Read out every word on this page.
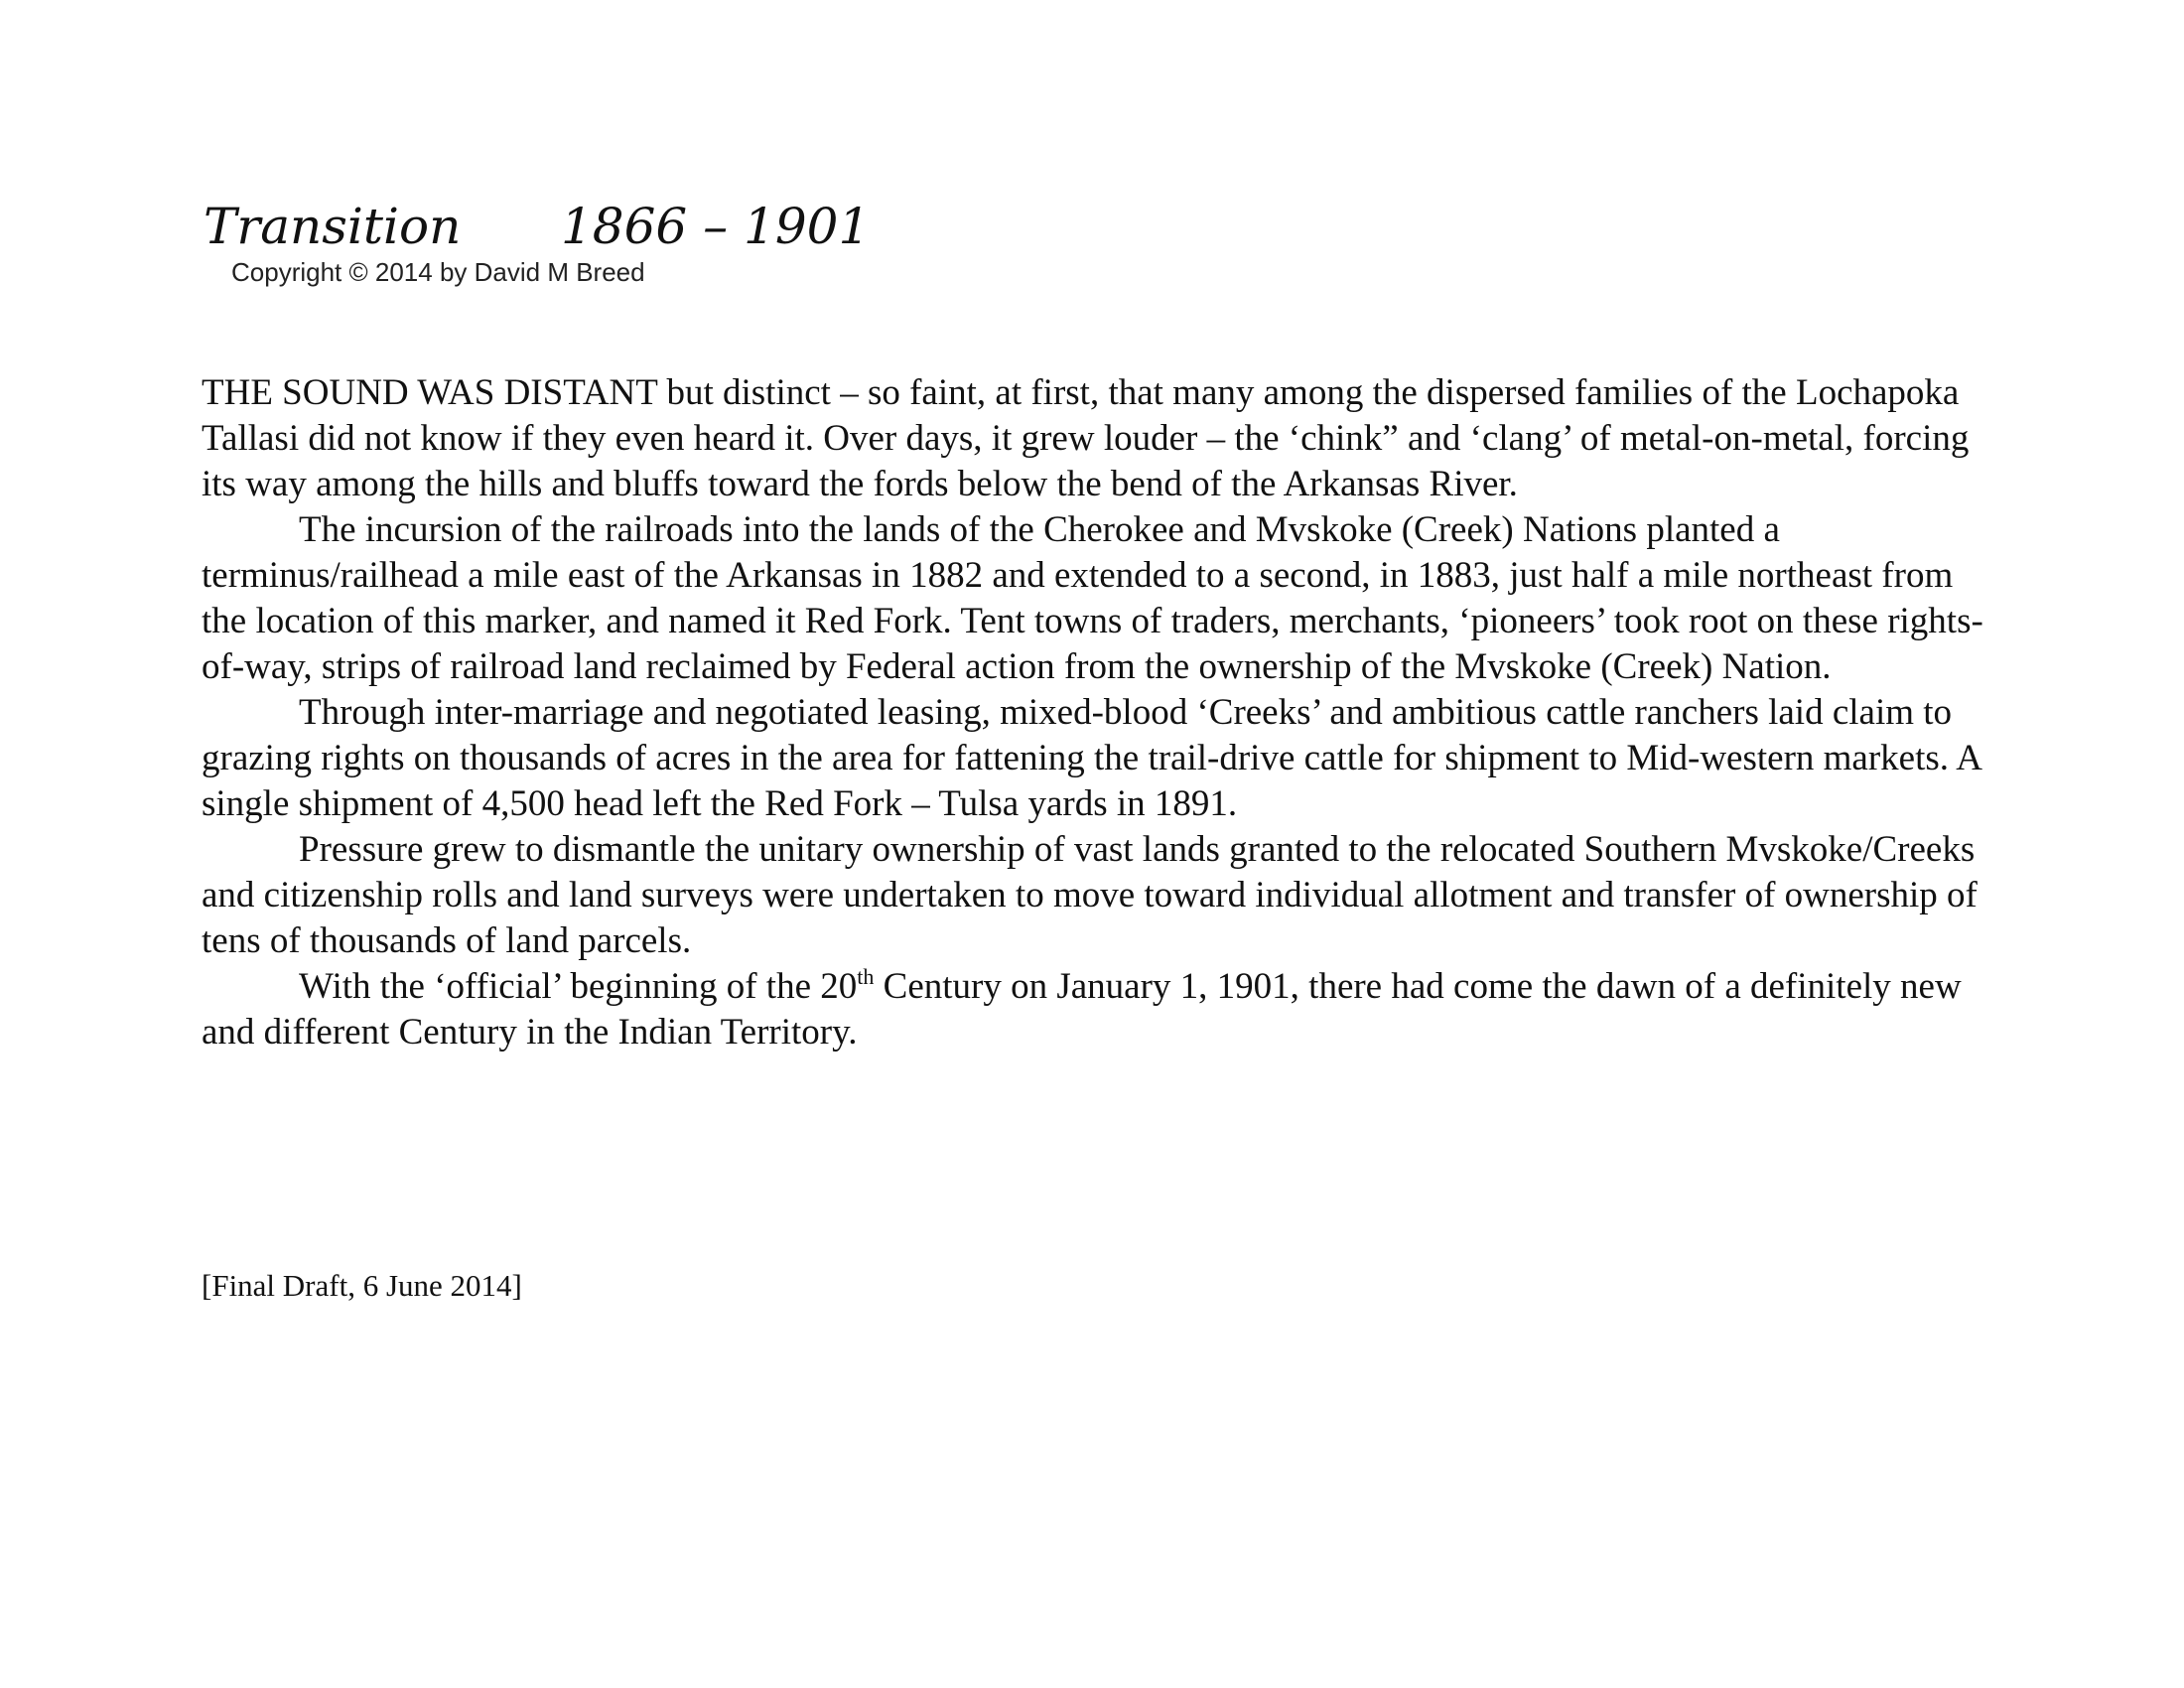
Transition 1866 – 1901
Copyright © 2014 by David M Breed

THE SOUND WAS DISTANT but distinct – so faint, at first, that many among the dispersed families of the Lochapoka Tallasi did not know if they even heard it. Over days, it grew louder – the ‘chink” and ‘clang’ of metal-on-metal, forcing its way among the hills and bluffs toward the fords below the bend of the Arkansas River.

The incursion of the railroads into the lands of the Cherokee and Mvskoke (Creek) Nations planted a terminus/railhead a mile east of the Arkansas in 1882 and extended to a second, in 1883, just half a mile northeast from the location of this marker, and named it Red Fork. Tent towns of traders, merchants, ‘pioneers’ took root on these rights-of-way, strips of railroad land reclaimed by Federal action from the ownership of the Mvskoke (Creek) Nation.

Through inter-marriage and negotiated leasing, mixed-blood ‘Creeks’ and ambitious cattle ranchers laid claim to grazing rights on thousands of acres in the area for fattening the trail-drive cattle for shipment to Mid-western markets. A single shipment of 4,500 head left the Red Fork – Tulsa yards in 1891.

Pressure grew to dismantle the unitary ownership of vast lands granted to the relocated Southern Mvskoke/Creeks and citizenship rolls and land surveys were undertaken to move toward individual allotment and transfer of ownership of tens of thousands of land parcels.

With the ‘official’ beginning of the 20th Century on January 1, 1901, there had come the dawn of a definitely new and different Century in the Indian Territory.

[Final Draft, 6 June 2014]
